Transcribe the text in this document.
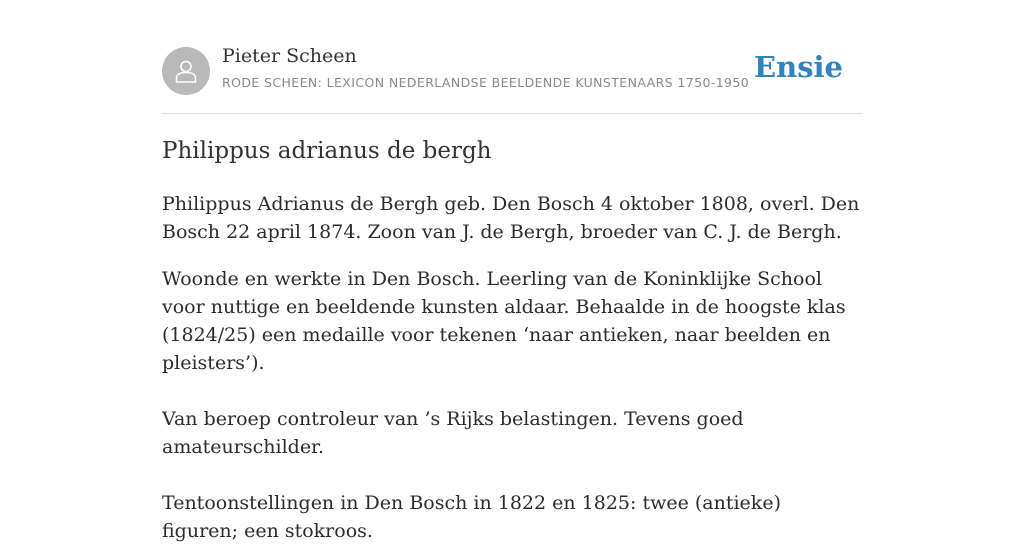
Pieter Scheen
RODE SCHEEN: LEXICON NEDERLANDSE BEELDENDE KUNSTENAARS 1750-1950 Ensie
Philippus adrianus de bergh

Philippus Adrianus de Bergh geb. Den Bosch 4 oktober 1808, overl. Den Bosch 22 april 1874. Zoon van J. de Bergh, broeder van C. J. de Bergh.

Woonde en werkte in Den Bosch. Leerling van de Koninklijke School voor nuttige en beeldende kunsten aldaar. Behaalde in de hoogste klas (1824/25) een medaille voor tekenen ‘naar antieken, naar beelden en pleisters’).

Van beroep controleur van ’s Rijks belastingen. Tevens goed amateurschilder.

Tentoonstellingen in Den Bosch in 1822 en 1825: twee (antieke) figuren; een stokroos.
